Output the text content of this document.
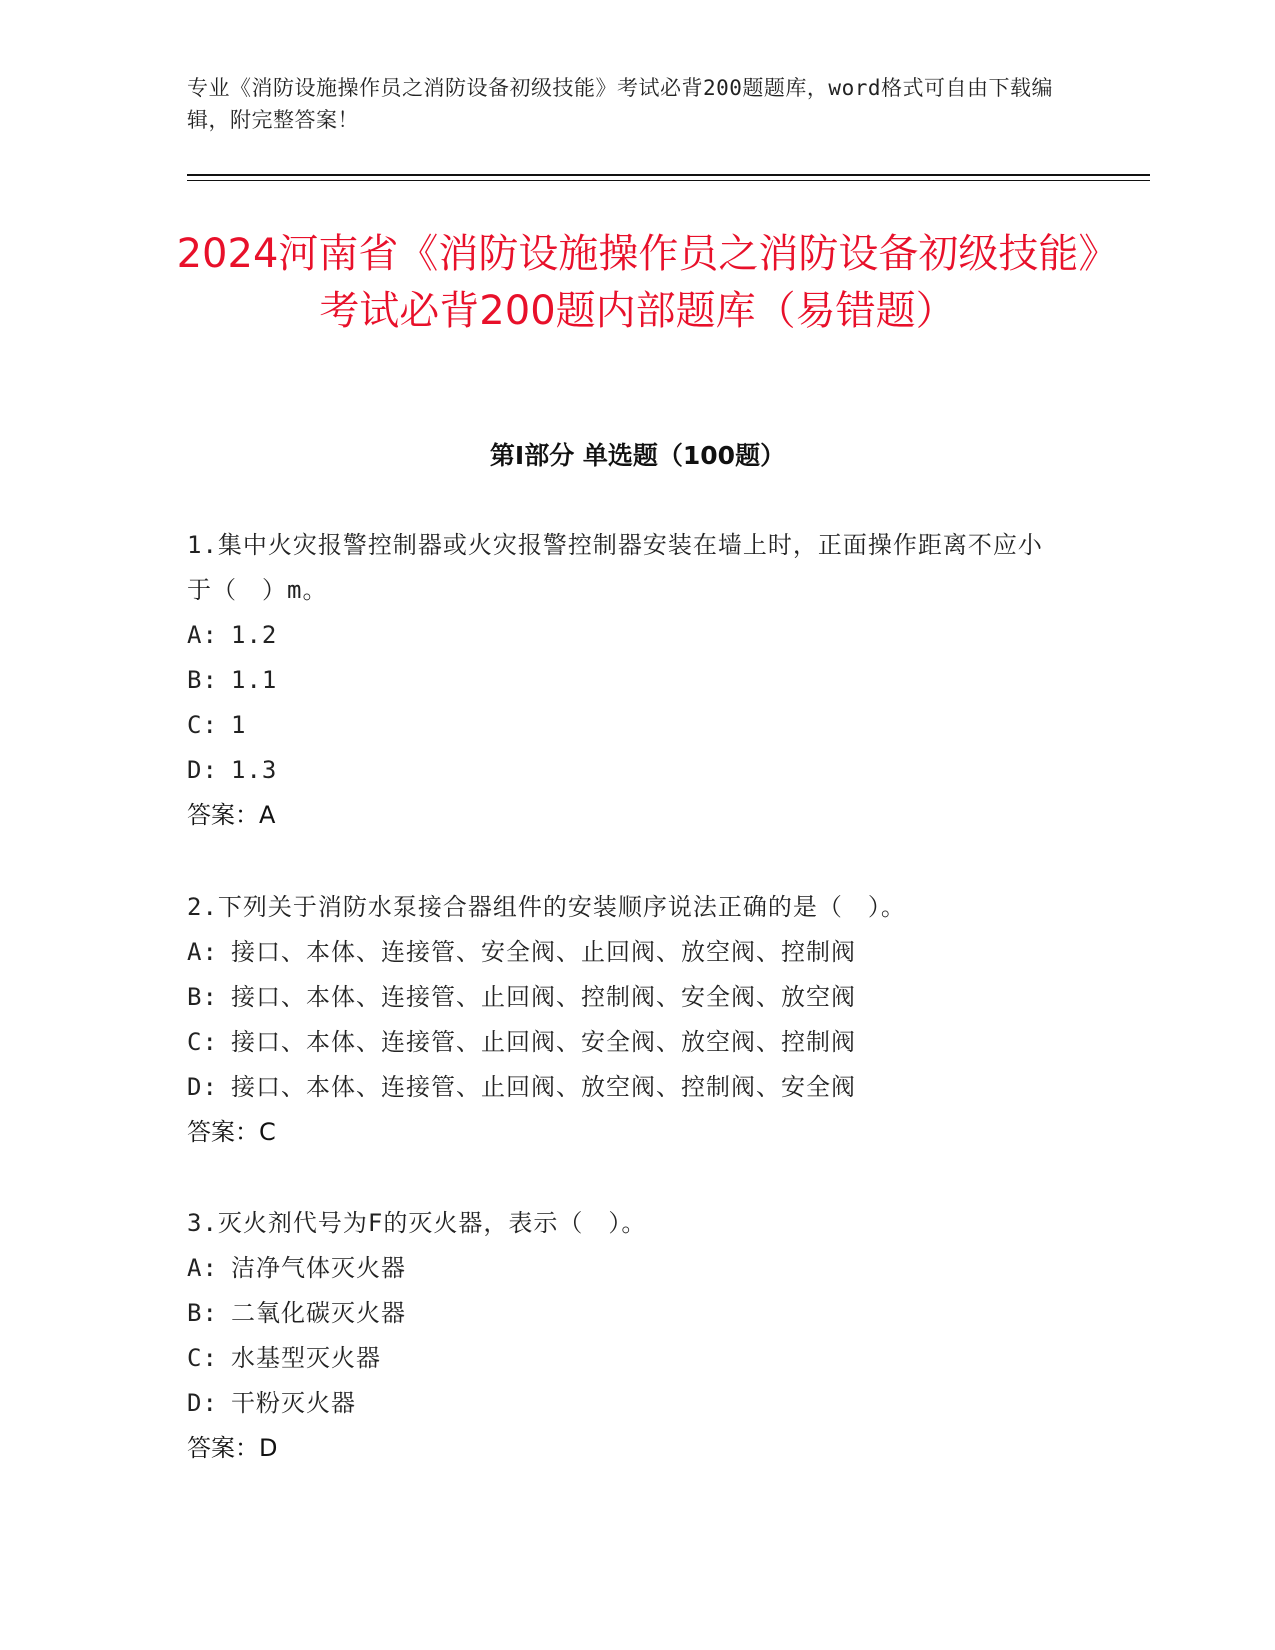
专业《消防设施操作员之消防设备初级技能》考试必背200题题库，word格式可自由下载编辑，附完整答案！
2024河南省《消防设施操作员之消防设备初级技能》考试必背200题内部题库（易错题）
第Ⅰ部分 单选题（100题）
1.集中火灾报警控制器或火灾报警控制器安装在墙上时，正面操作距离不应小于（　）m。
A: 1.2
B: 1.1
C: 1
D: 1.3
答案：A
2.下列关于消防水泵接合器组件的安装顺序说法正确的是（　）。
A: 接口、本体、连接管、安全阀、止回阀、放空阀、控制阀
B: 接口、本体、连接管、止回阀、控制阀、安全阀、放空阀
C: 接口、本体、连接管、止回阀、安全阀、放空阀、控制阀
D: 接口、本体、连接管、止回阀、放空阀、控制阀、安全阀
答案：C
3.灭火剂代号为F的灭火器，表示（　）。
A: 洁净气体灭火器
B: 二氧化碳灭火器
C: 水基型灭火器
D: 干粉灭火器
答案：D
